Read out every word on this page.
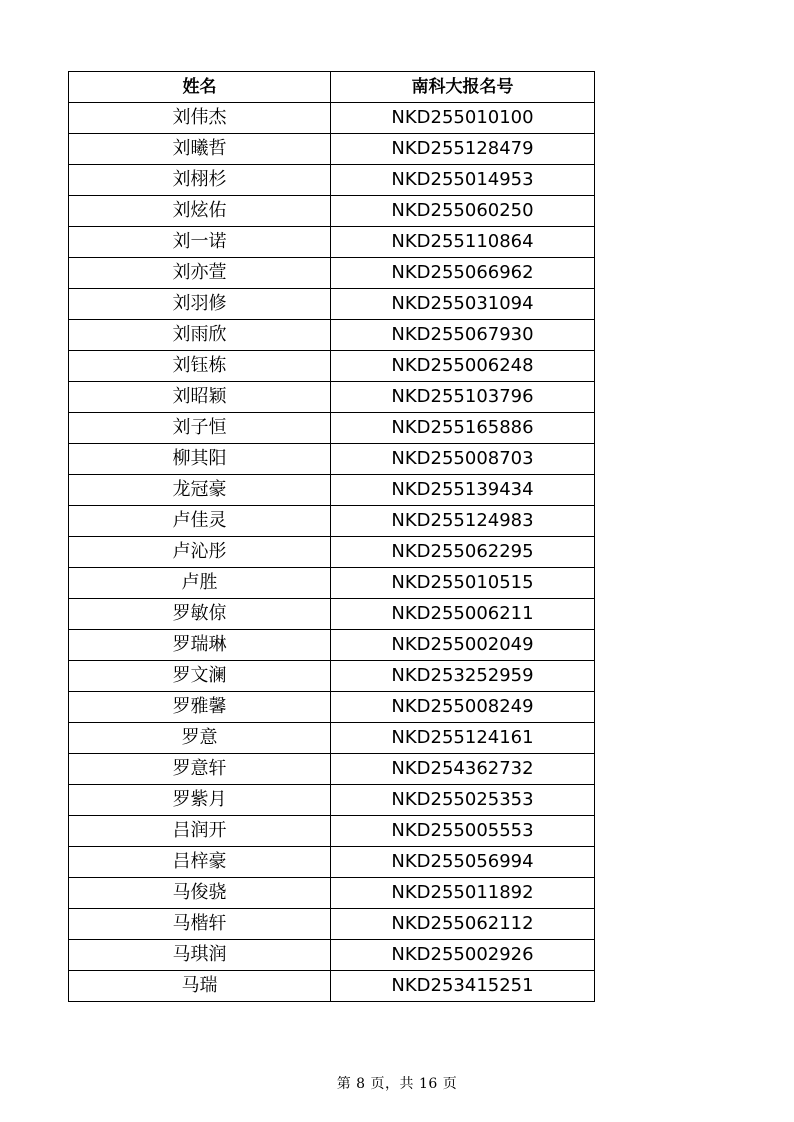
姓名	南科大报名号
刘伟杰	NKD255010100
刘曦哲	NKD255128479
刘栩杉	NKD255014953
刘炫佑	NKD255060250
刘一诺	NKD255110864
刘亦萱	NKD255066962
刘羽修	NKD255031094
刘雨欣	NKD255067930
刘钰栋	NKD255006248
刘昭颖	NKD255103796
刘子恒	NKD255165886
柳其阳	NKD255008703
龙冠豪	NKD255139434
卢佳灵	NKD255124983
卢沁彤	NKD255062295
卢胜	NKD255010515
罗敏倞	NKD255006211
罗瑞琳	NKD255002049
罗文澜	NKD253252959
罗雅馨	NKD255008249
罗意	NKD255124161
罗意轩	NKD254362732
罗紫月	NKD255025353
吕润开	NKD255005553
吕梓豪	NKD255056994
马俊骁	NKD255011892
马楷轩	NKD255062112
马琪润	NKD255002926
马瑞	NKD253415251
第 8 页，共 16 页
